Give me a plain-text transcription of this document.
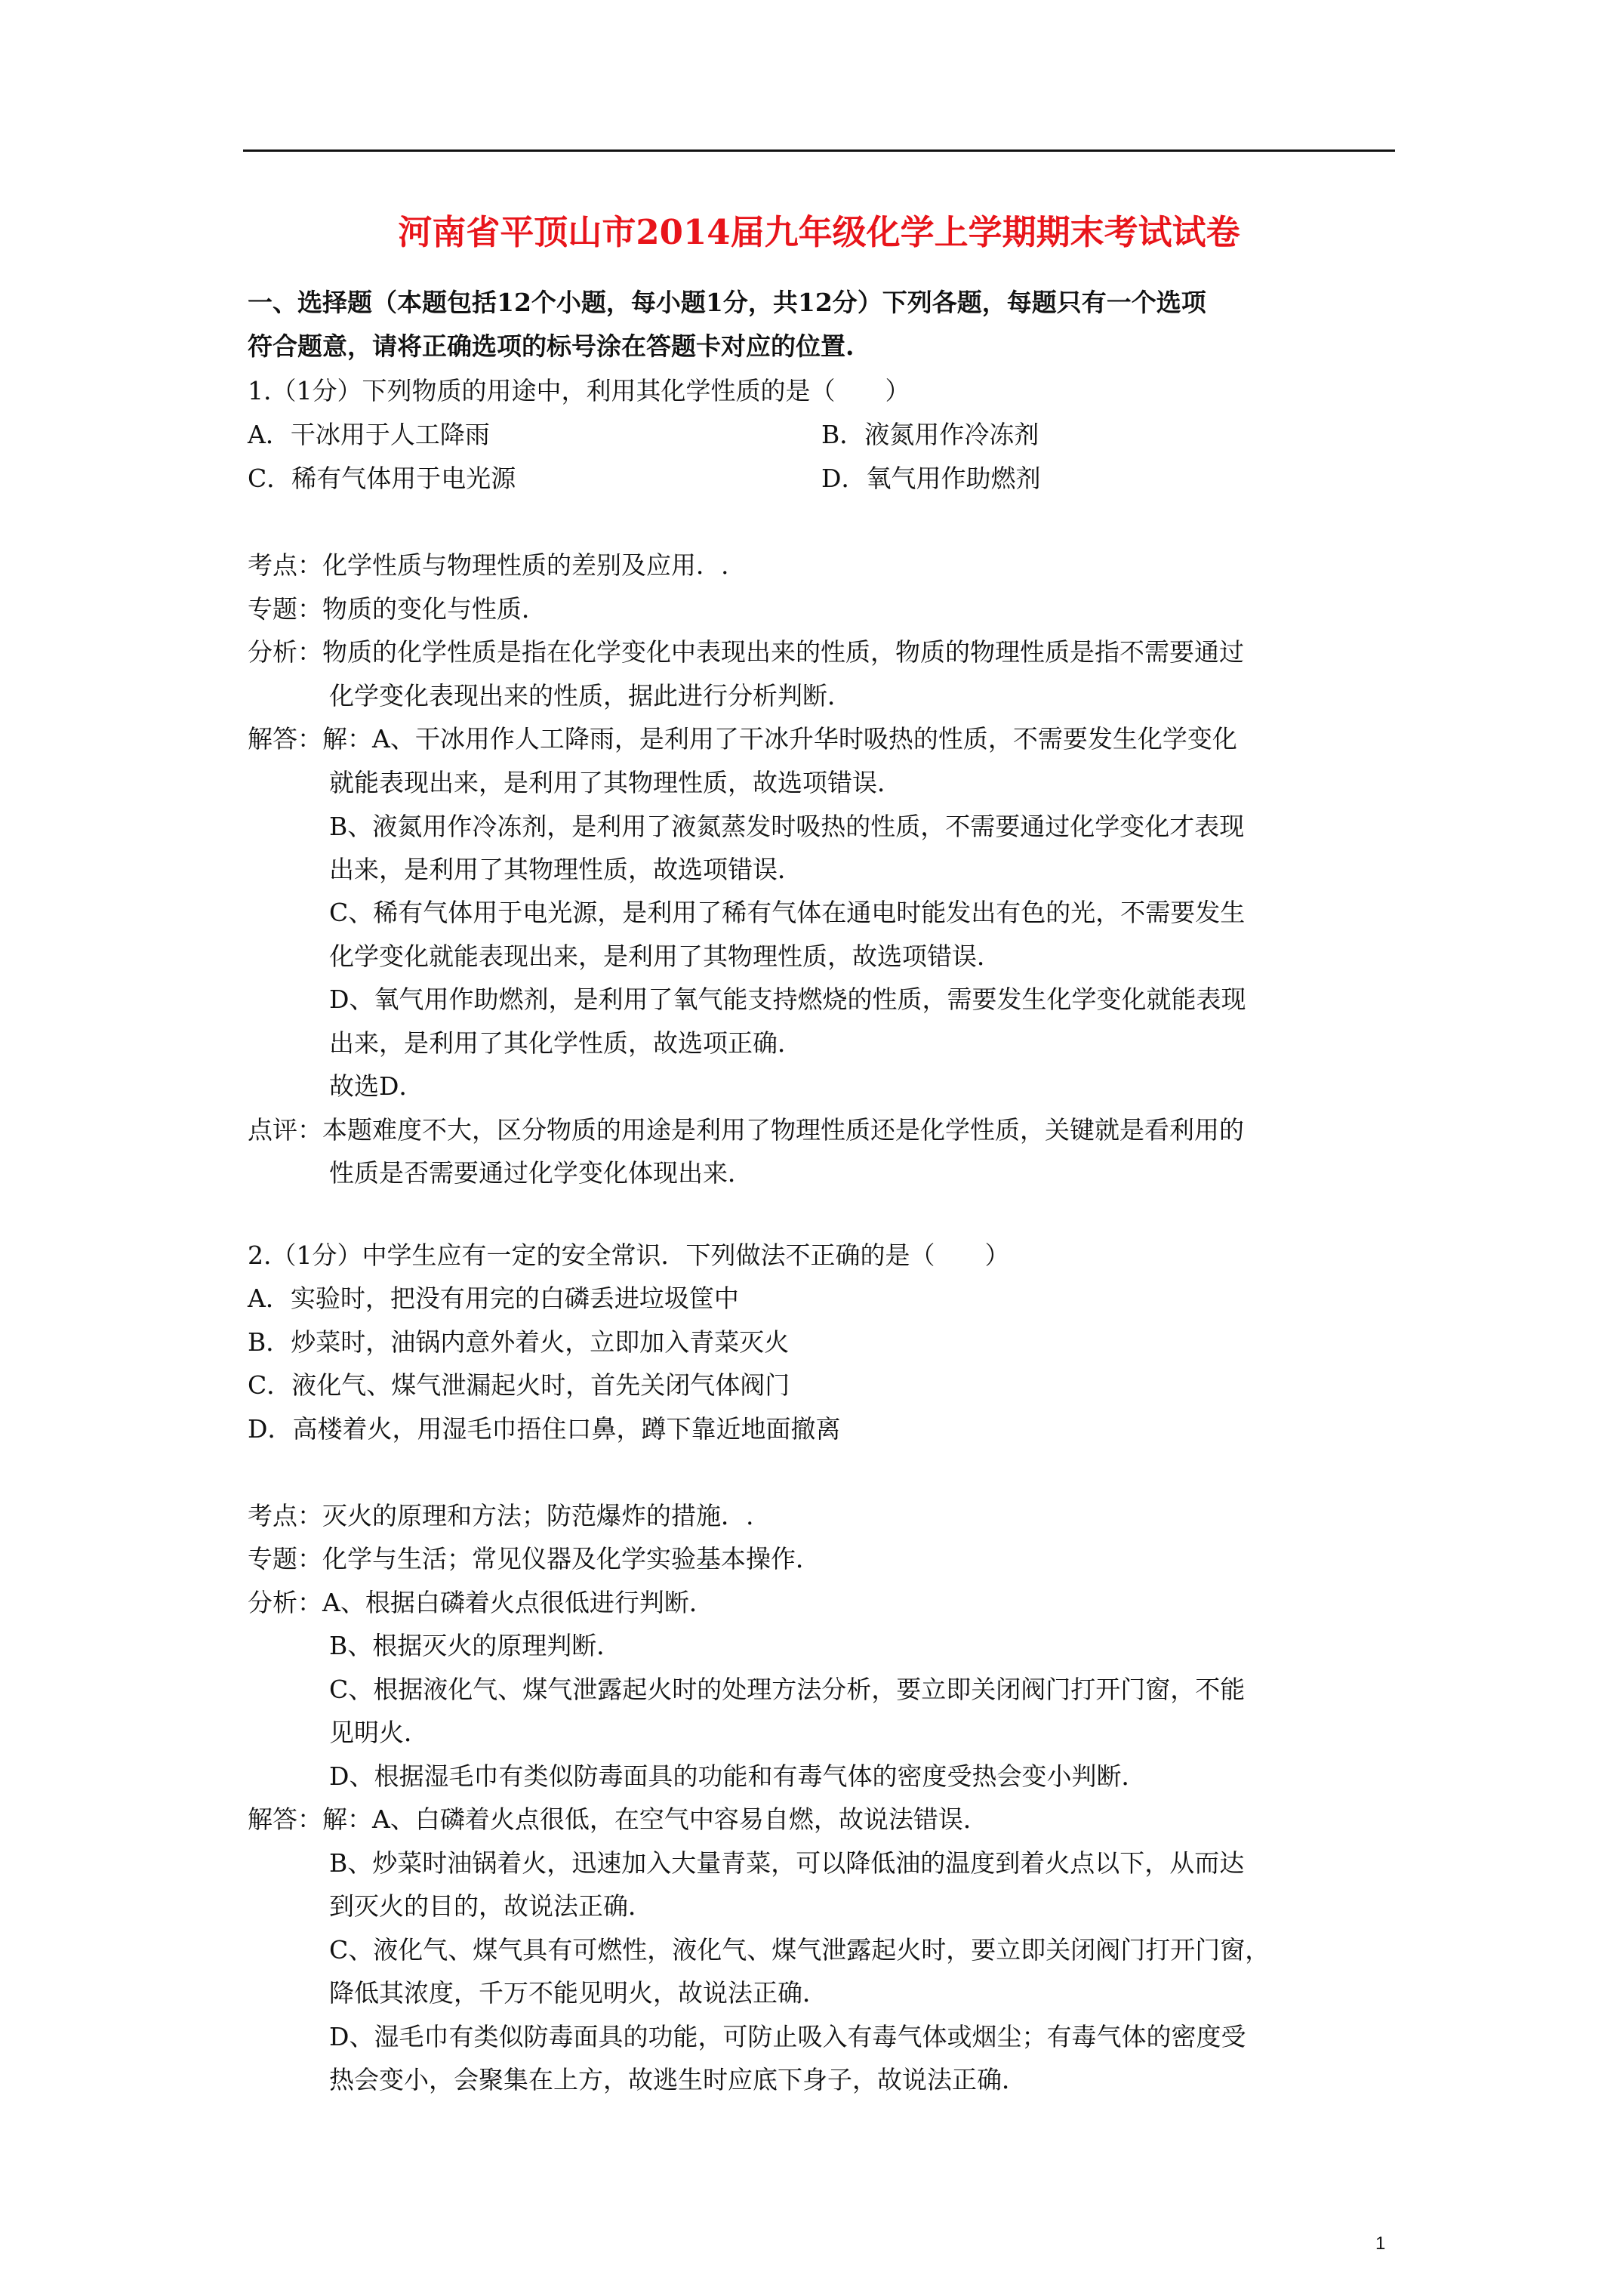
河南省平顶山市2014届九年级化学上学期期末考试试卷
一、选择题（本题包括12个小题，每小题1分，共12分）下列各题，每题只有一个选项
符合题意，请将正确选项的标号涂在答题卡对应的位置.
1.（1分）下列物质的用途中，利用其化学性质的是（　　）
A．干冰用于人工降雨	B．液氮用作冷冻剂
C．稀有气体用于电光源	D．氧气用作助燃剂
考点：化学性质与物理性质的差别及应用．.
专题：物质的变化与性质．
分析：物质的化学性质是指在化学变化中表现出来的性质，物质的物理性质是指不需要通过
化学变化表现出来的性质，据此进行分析判断．
解答：解：A、干冰用作人工降雨，是利用了干冰升华时吸热的性质，不需要发生化学变化
就能表现出来，是利用了其物理性质，故选项错误．
B、液氮用作冷冻剂，是利用了液氮蒸发时吸热的性质，不需要通过化学变化才表现
出来，是利用了其物理性质，故选项错误．
C、稀有气体用于电光源，是利用了稀有气体在通电时能发出有色的光，不需要发生
化学变化就能表现出来，是利用了其物理性质，故选项错误．
D、氧气用作助燃剂，是利用了氧气能支持燃烧的性质，需要发生化学变化就能表现
出来，是利用了其化学性质，故选项正确．
故选D．
点评：本题难度不大，区分物质的用途是利用了物理性质还是化学性质，关键就是看利用的
性质是否需要通过化学变化体现出来．
2.（1分）中学生应有一定的安全常识．下列做法不正确的是（　　）
A．实验时，把没有用完的白磷丢进垃圾筐中
B．炒菜时，油锅内意外着火，立即加入青菜灭火
C．液化气、煤气泄漏起火时，首先关闭气体阀门
D．高楼着火，用湿毛巾捂住口鼻，蹲下靠近地面撤离
考点：灭火的原理和方法；防范爆炸的措施．.
专题：化学与生活；常见仪器及化学实验基本操作．
分析：A、根据白磷着火点很低进行判断．
B、根据灭火的原理判断．
C、根据液化气、煤气泄露起火时的处理方法分析，要立即关闭阀门打开门窗，不能
见明火．
D、根据湿毛巾有类似防毒面具的功能和有毒气体的密度受热会变小判断．
解答：解：A、白磷着火点很低，在空气中容易自燃，故说法错误．
B、炒菜时油锅着火，迅速加入大量青菜，可以降低油的温度到着火点以下，从而达
到灭火的目的，故说法正确．
C、液化气、煤气具有可燃性，液化气、煤气泄露起火时，要立即关闭阀门打开门窗，
降低其浓度，千万不能见明火，故说法正确．
D、湿毛巾有类似防毒面具的功能，可防止吸入有毒气体或烟尘；有毒气体的密度受
热会变小，会聚集在上方，故逃生时应底下身子，故说法正确．
1
